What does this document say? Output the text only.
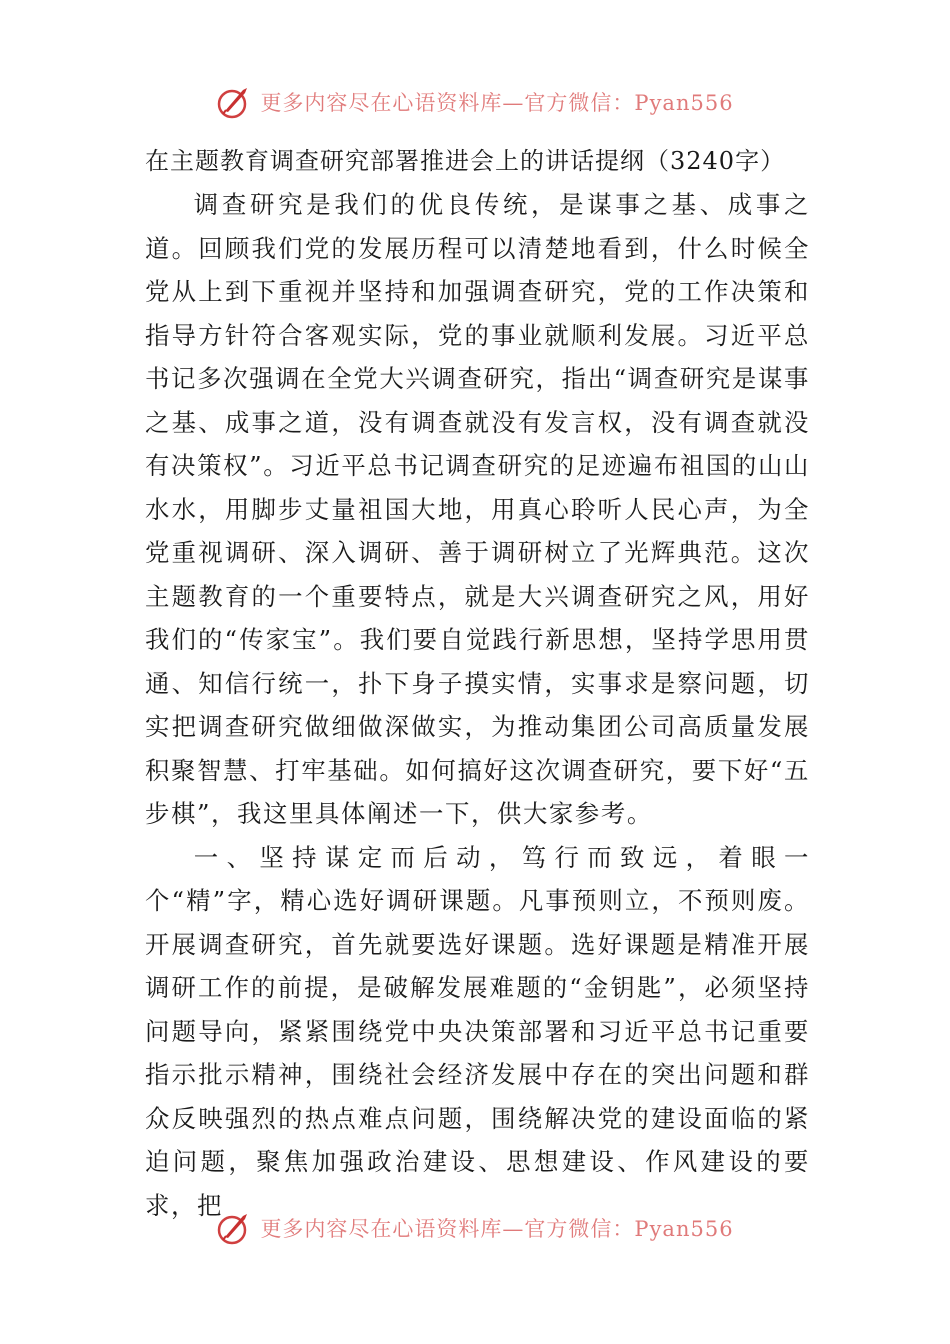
更多内容尽在心语资料库—官方微信：Pyan556

在主题教育调查研究部署推进会上的讲话提纲（3240字）

调查研究是我们的优良传统，是谋事之基、成事之道。回顾我们党的发展历程可以清楚地看到，什么时候全党从上到下重视并坚持和加强调查研究，党的工作决策和指导方针符合客观实际，党的事业就顺利发展。习近平总书记多次强调在全党大兴调查研究，指出“调查研究是谋事之基、成事之道，没有调查就没有发言权，没有调查就没有决策权”。习近平总书记调查研究的足迹遍布祖国的山山水水，用脚步丈量祖国大地，用真心聆听人民心声，为全党重视调研、深入调研、善于调研树立了光辉典范。这次主题教育的一个重要特点，就是大兴调查研究之风，用好我们的“传家宝”。我们要自觉践行新思想，坚持学思用贯通、知信行统一，扑下身子摸实情，实事求是察问题，切实把调查研究做细做深做实，为推动集团公司高质量发展积聚智慧、打牢基础。如何搞好这次调查研究，要下好“五步棋”，我这里具体阐述一下，供大家参考。

一、坚持谋定而后动，笃行而致远，着眼一个“精”字，精心选好调研课题。凡事预则立，不预则废。开展调查研究，首先就要选好课题。选好课题是精准开展调研工作的前提，是破解发展难题的“金钥匙”，必须坚持问题导向，紧紧围绕党中央决策部署和习近平总书记重要指示批示精神，围绕社会经济发展中存在的突出问题和群众反映强烈的热点难点问题，围绕解决党的建设面临的紧迫问题，聚焦加强政治建设、思想建设、作风建设的要求，把

更多内容尽在心语资料库—官方微信：Pyan556
